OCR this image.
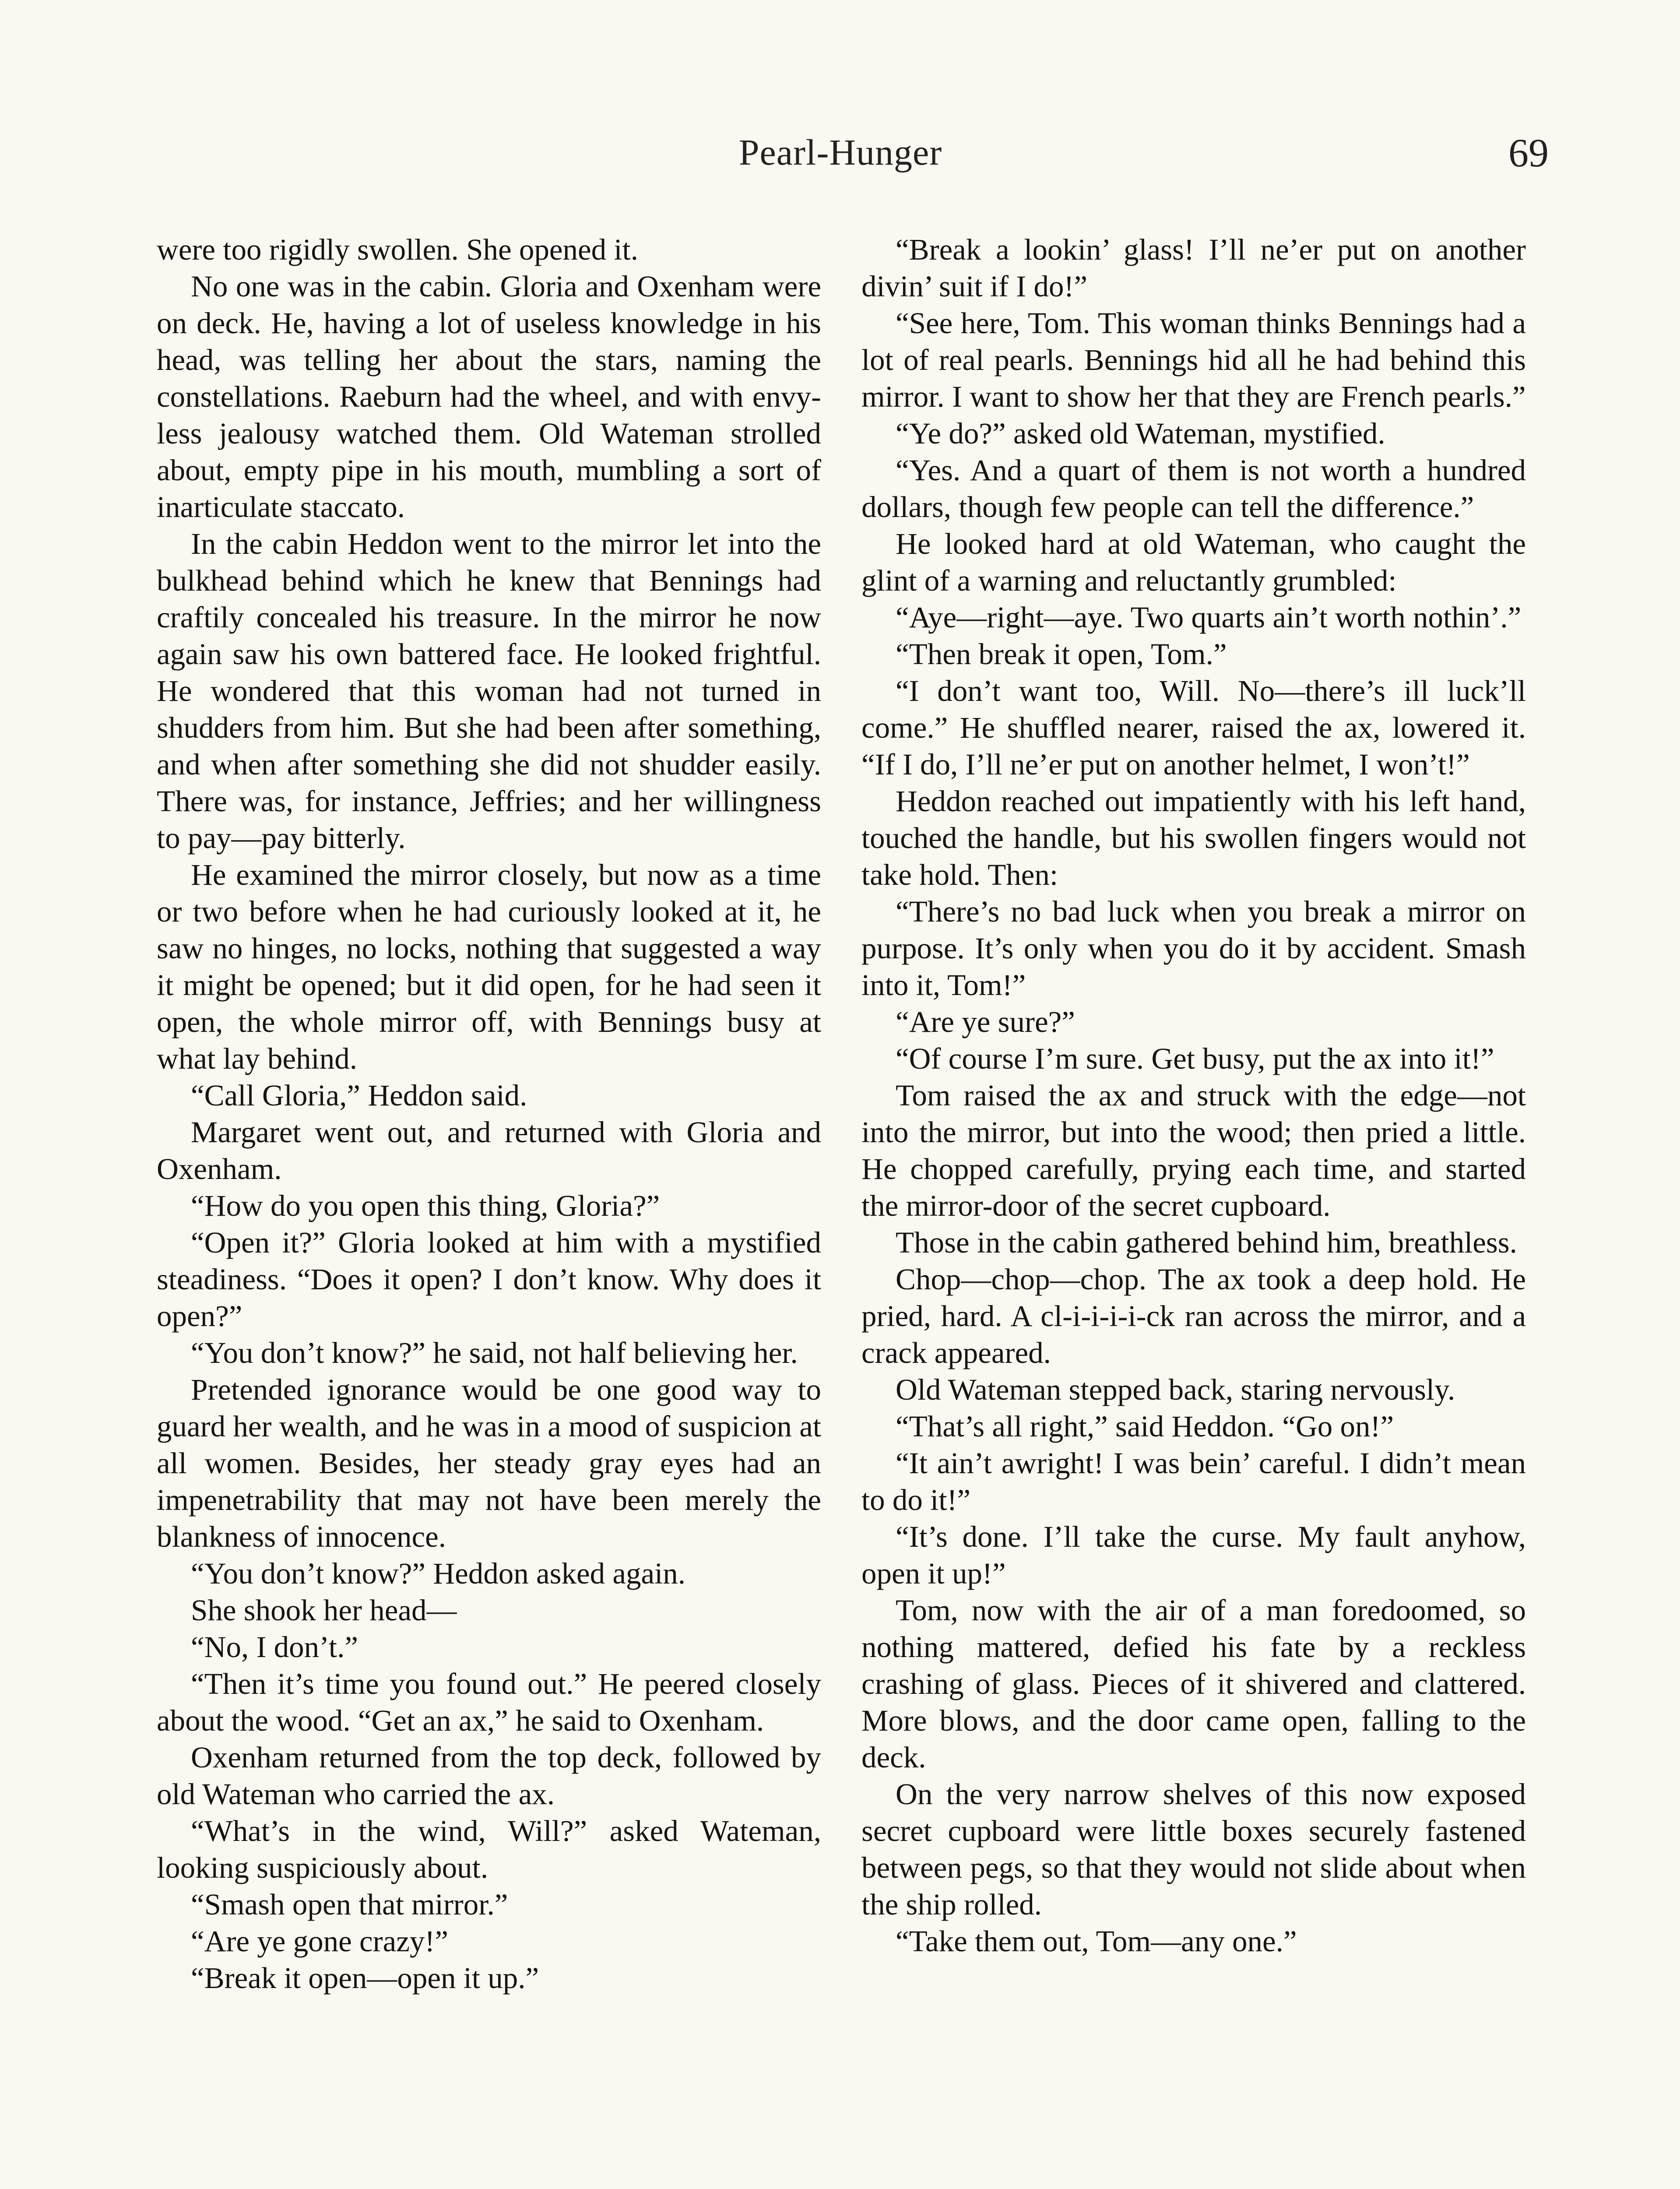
Pearl-Hunger	69

were too rigidly swollen. She opened it.

No one was in the cabin. Gloria and Oxenham were on deck. He, having a lot of useless knowledge in his head, was telling her about the stars, naming the constellations. Raeburn had the wheel, and with envy-less jealousy watched them. Old Wateman strolled about, empty pipe in his mouth, mumbling a sort of inarticulate staccato.

In the cabin Heddon went to the mirror let into the bulkhead behind which he knew that Bennings had craftily concealed his treasure. In the mirror he now again saw his own battered face. He looked frightful. He wondered that this woman had not turned in shudders from him. But she had been after something, and when after something she did not shudder easily. There was, for instance, Jeffries; and her willingness to pay—pay bitterly.

He examined the mirror closely, but now as a time or two before when he had curiously looked at it, he saw no hinges, no locks, nothing that suggested a way it might be opened; but it did open, for he had seen it open, the whole mirror off, with Bennings busy at what lay behind.

“Call Gloria,” Heddon said.

Margaret went out, and returned with Gloria and Oxenham.

“How do you open this thing, Gloria?”

“Open it?” Gloria looked at him with a mystified steadiness. “Does it open? I don’t know. Why does it open?”

“You don’t know?” he said, not half believing her.

Pretended ignorance would be one good way to guard her wealth, and he was in a mood of suspicion at all women. Besides, her steady gray eyes had an impenetrability that may not have been merely the blankness of innocence.

“You don’t know?” Heddon asked again.

She shook her head—

“No, I don’t.”

“Then it’s time you found out.” He peered closely about the wood. “Get an ax,” he said to Oxenham.

Oxenham returned from the top deck, followed by old Wateman who carried the ax.

“What’s in the wind, Will?” asked Wateman, looking suspiciously about.

“Smash open that mirror.”

“Are ye gone crazy!”

“Break it open—open it up.”

“Break a lookin’ glass! I’ll ne’er put on another divin’ suit if I do!”

“See here, Tom. This woman thinks Bennings had a lot of real pearls. Bennings hid all he had behind this mirror. I want to show her that they are French pearls.”

“Ye do?” asked old Wateman, mystified.

“Yes. And a quart of them is not worth a hundred dollars, though few people can tell the difference.”

He looked hard at old Wateman, who caught the glint of a warning and reluctantly grumbled:

“Aye—right—aye. Two quarts ain’t worth nothin’.”

“Then break it open, Tom.”

“I don’t want too, Will. No—there’s ill luck’ll come.” He shuffled nearer, raised the ax, lowered it. “If I do, I’ll ne’er put on another helmet, I won’t!”

Heddon reached out impatiently with his left hand, touched the handle, but his swollen fingers would not take hold. Then:

“There’s no bad luck when you break a mirror on purpose. It’s only when you do it by accident. Smash into it, Tom!”

“Are ye sure?”

“Of course I’m sure. Get busy, put the ax into it!”

Tom raised the ax and struck with the edge—not into the mirror, but into the wood; then pried a little. He chopped carefully, prying each time, and started the mirror-door of the secret cupboard.

Those in the cabin gathered behind him, breathless.

Chop—chop—chop. The ax took a deep hold. He pried, hard. A cl-i-i-i-i-ck ran across the mirror, and a crack appeared.

Old Wateman stepped back, staring nervously.

“That’s all right,” said Heddon. “Go on!”

“It ain’t awright! I was bein’ careful. I didn’t mean to do it!”

“It’s done. I’ll take the curse. My fault anyhow, open it up!”

Tom, now with the air of a man foredoomed, so nothing mattered, defied his fate by a reckless crashing of glass. Pieces of it shivered and clattered. More blows, and the door came open, falling to the deck.

On the very narrow shelves of this now exposed secret cupboard were little boxes securely fastened between pegs, so that they would not slide about when the ship rolled.

“Take them out, Tom—any one.”
